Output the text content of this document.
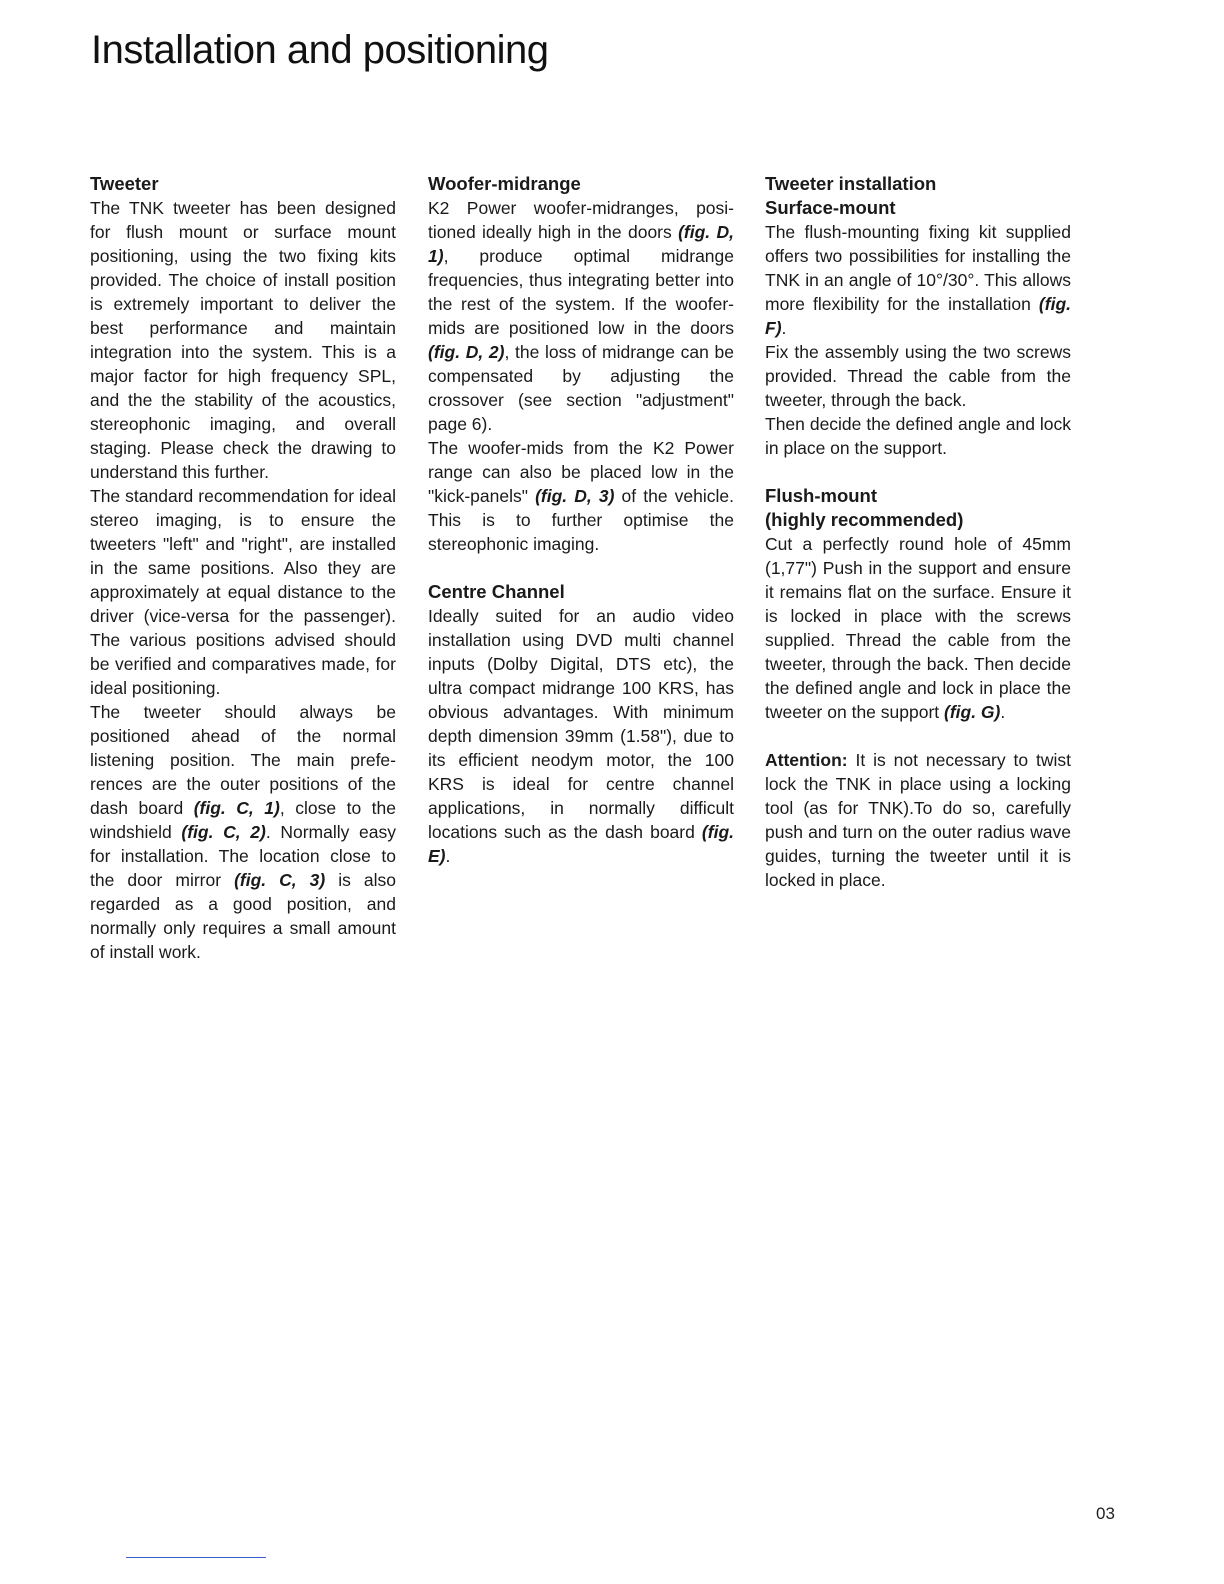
Installation and positioning
Tweeter

The TNK tweeter has been designed for flush mount or surface mount positioning, using the two fixing kits provided. The choice of install position is extremely important to deliver the best performance and maintain integration into the system. This is a major factor for high frequency SPL, and the the stability of the acoustics, stereophonic imaging, and overall staging. Please check the drawing to understand this further.

The standard recommendation for ideal stereo imaging, is to ensure the tweeters "left" and "right", are installed in the same positions. Also they are approximately at equal distance to the driver (vice-versa for the passenger). The various positions advised should be verified and comparatives made, for ideal positioning.

The tweeter should always be positioned ahead of the normal listening position. The main prefe-rences are the outer positions of the dash board (fig. C, 1), close to the windshield (fig. C, 2). Normally easy for installation. The location close to the door mirror (fig. C, 3) is also regarded as a good position, and normally only requires a small amount of install work.

Woofer-midrange

K2 Power woofer-midranges, posi-tioned ideally high in the doors (fig. D, 1), produce optimal midrange frequencies, thus integrating better into the rest of the system. If the woofer-mids are positioned low in the doors (fig. D, 2), the loss of midrange can be compensated by adjusting the crossover (see section "adjustment" page 6).

The woofer-mids from the K2 Power range can also be placed low in the "kick-panels" (fig. D, 3) of the vehicle. This is to further optimise the stereophonic imaging.

Centre Channel

Ideally suited for an audio video installation using DVD multi channel inputs (Dolby Digital, DTS etc), the ultra compact midrange 100 KRS, has obvious advantages. With minimum depth dimension 39mm (1.58"), due to its efficient neodym motor, the 100 KRS is ideal for centre channel applications, in normally difficult locations such as the dash board (fig. E).

Tweeter installation
Surface-mount

The flush-mounting fixing kit supplied offers two possibilities for installing the TNK in an angle of 10°/30°. This allows more flexibility for the installation (fig. F).

Fix the assembly using the two screws provided. Thread the cable from the tweeter, through the back.

Then decide the defined angle and lock in place on the support.

Flush-mount
(highly recommended)

Cut a perfectly round hole of 45mm (1,77") Push in the support and ensure it remains flat on the surface. Ensure it is locked in place with the screws supplied. Thread the cable from the tweeter, through the back. Then decide the defined angle and lock in place the tweeter on the support (fig. G).

Attention: It is not necessary to twist lock the TNK in place using a locking tool (as for TNK).To do so, carefully push and turn on the outer radius wave guides, turning the tweeter until it is locked in place.

03
